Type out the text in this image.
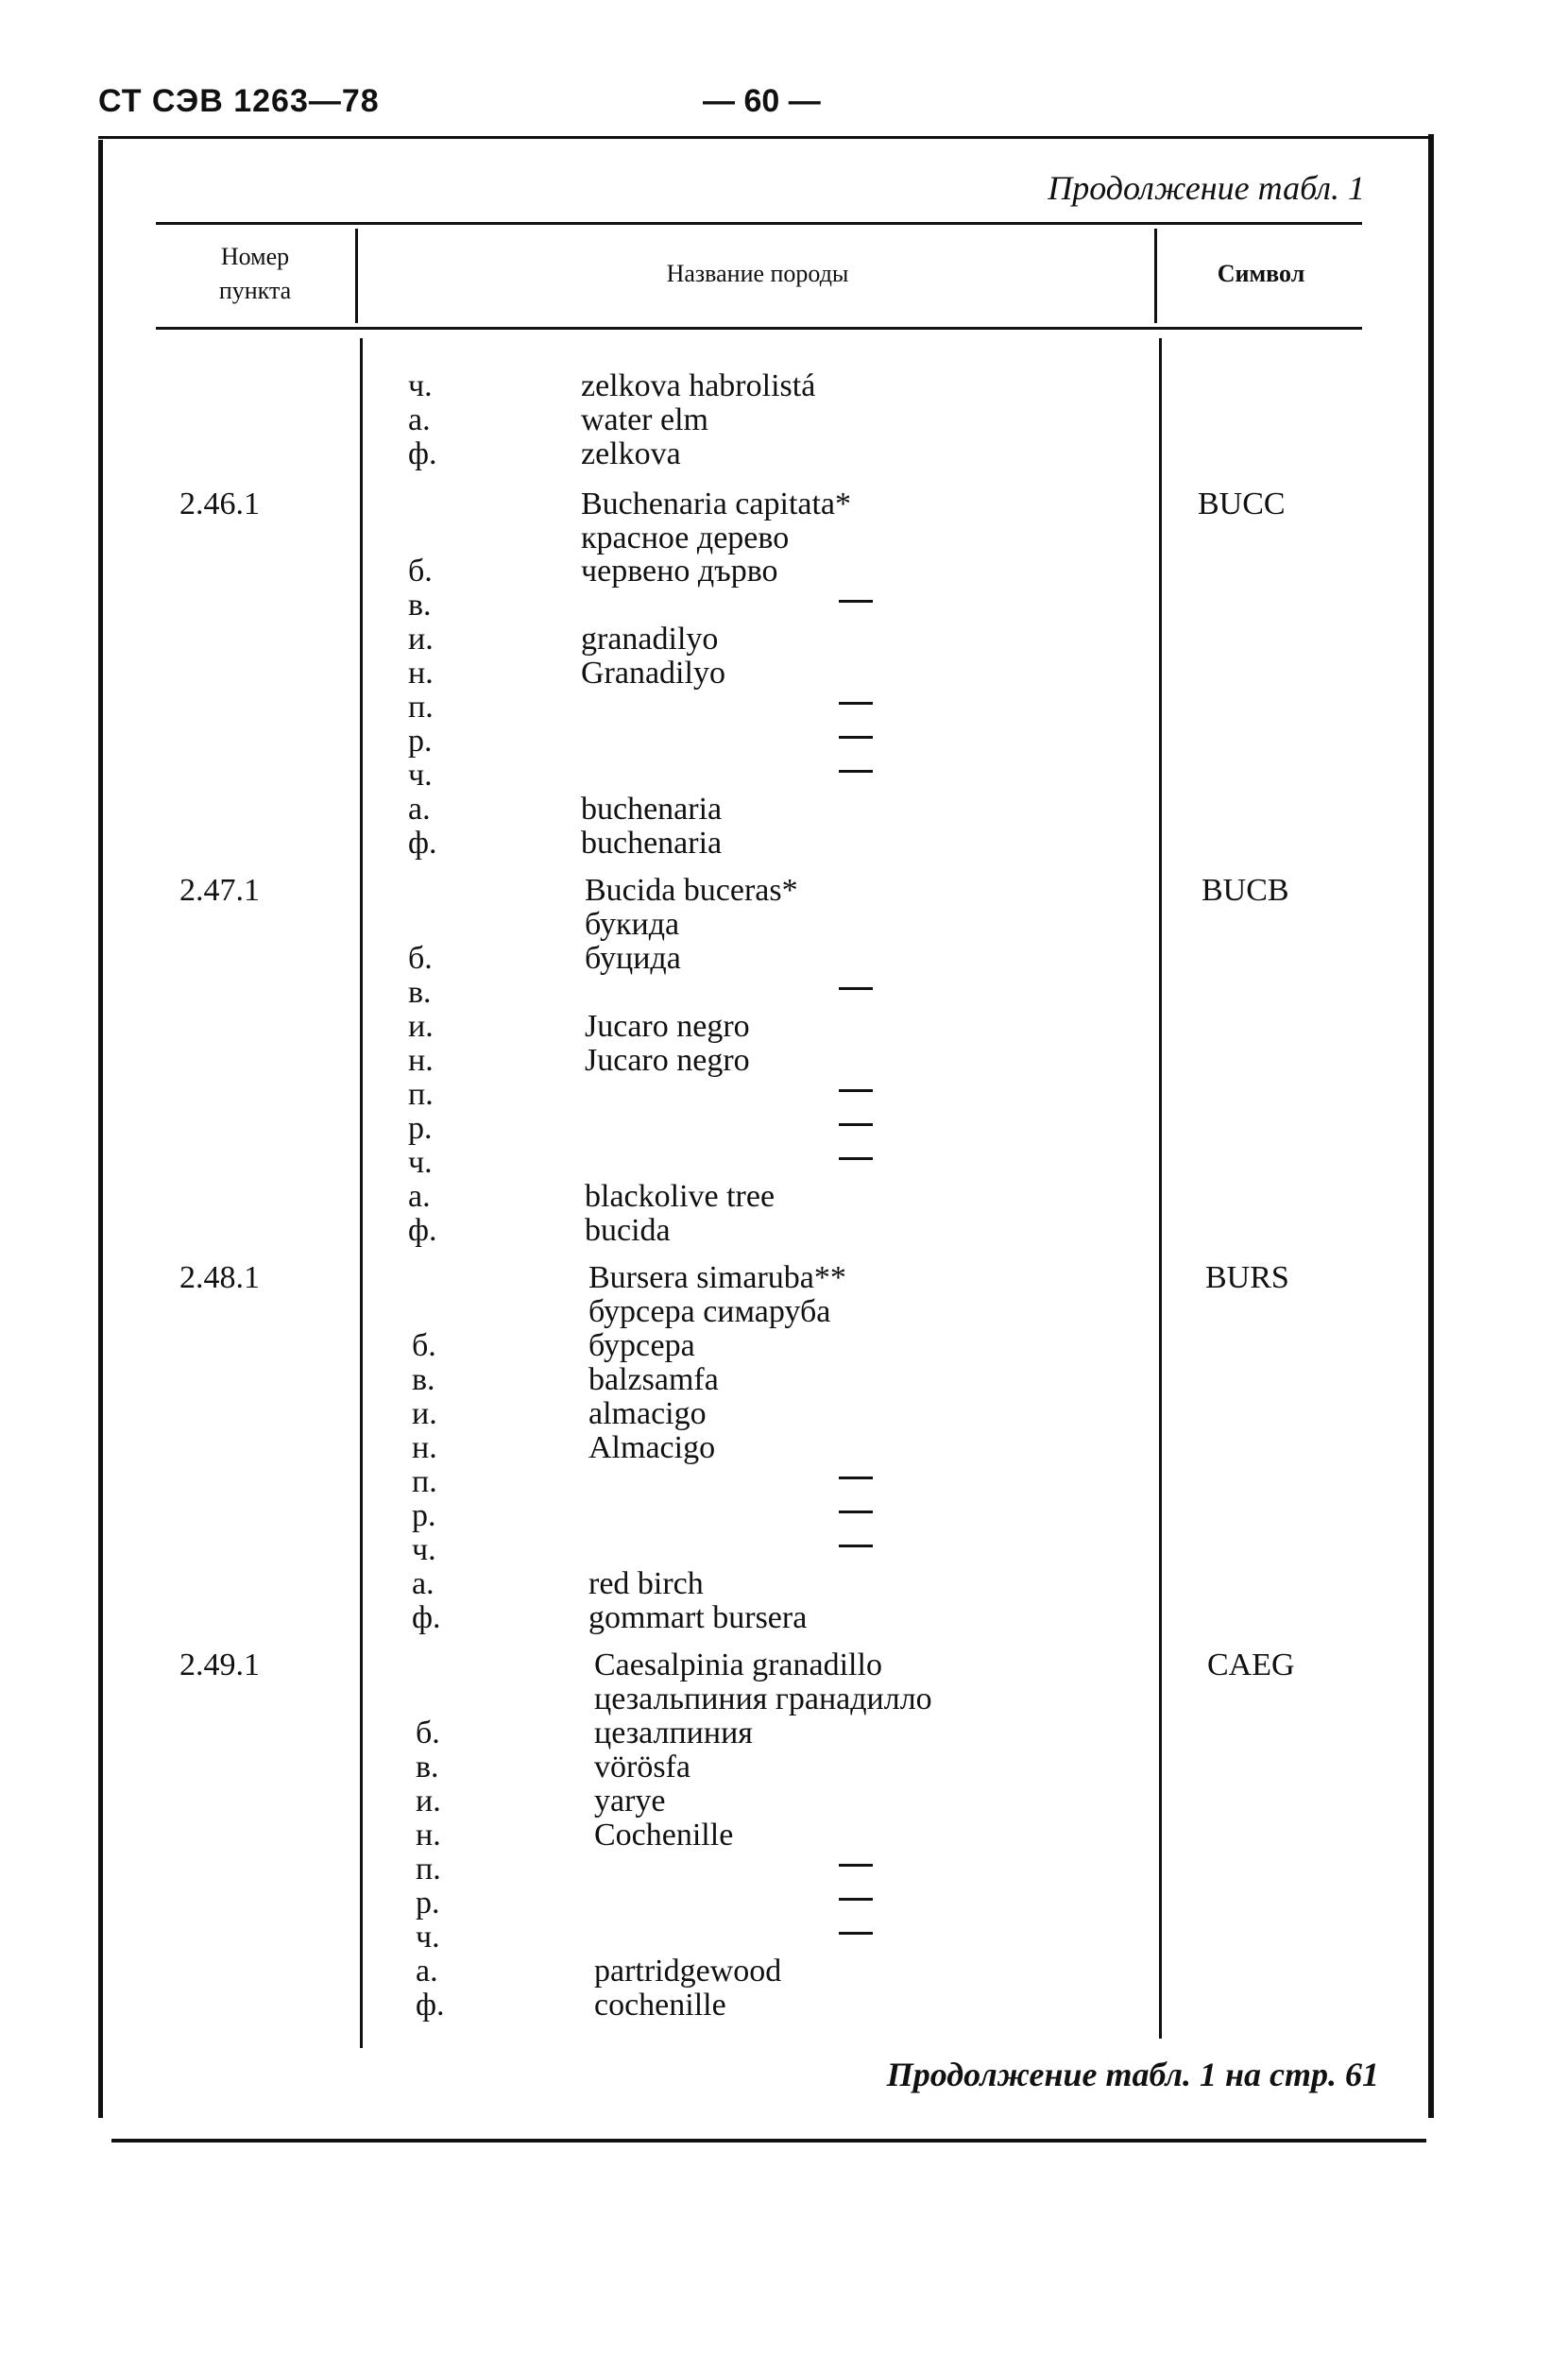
СТ СЭВ 1263—78	— 60 —
Продолжение табл. 1
Номер пункта
Название породы	Символ
ч.	zelkova habrolistá
а.	water elm
ф.	zelkova
2.46.1	Buchenaria capitata*	BUCC
красное дерево
б.	червено дърво
в.
и.	granadilyo
н.	Granadilyo
п.
р.
ч.
а.	buchenaria
ф.	buchenaria
2.47.1	Bucida buceras*	BUCB
букида
б.	буцида
в.
и.	Jucaro negro
н.	Jucaro negro
п.
р.
ч.
а.	blackolive tree
ф.	bucida
2.48.1	Bursera simaruba**	BURS
бурсера симаруба
б.	бурсера
в.	balzsamfa
и.	almacigo
н.	Almacigo
п.
р.
ч.
а.	red birch
ф.	gommart bursera
2.49.1	Caesalpinia granadillo	CAEG
цезальпиния гранадилло
б.	цезалпиния
в.	vörösfa
и.	yarye
н.	Cochenille
п.
р.
ч.
а.	partridgewood
ф.	cochenille
Продолжение табл. 1 на стр. 61
